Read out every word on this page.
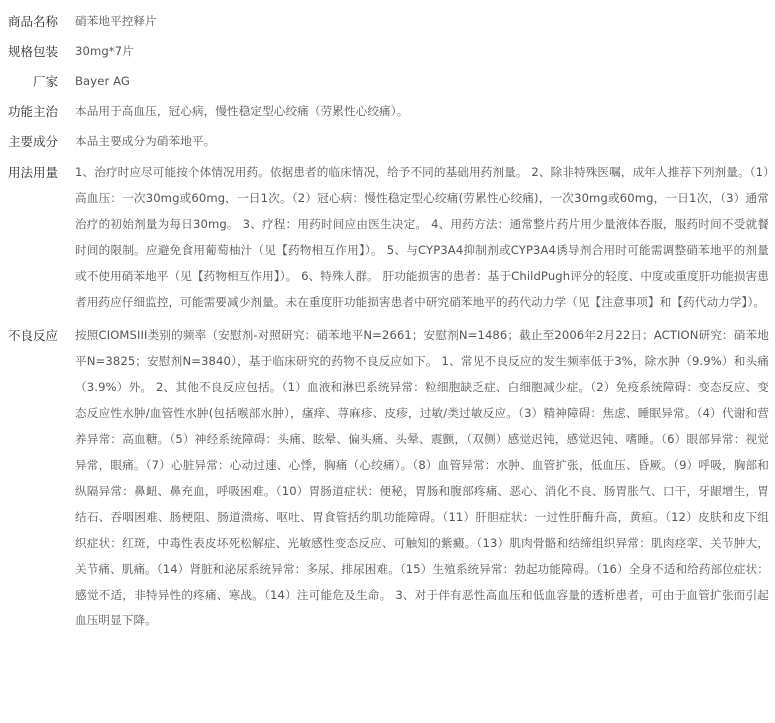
商品名称 硝苯地平控释片
规格包装 30mg*7片
厂家 Bayer AG
功能主治 本品用于高血压，冠心病，慢性稳定型心绞痛（劳累性心绞痛）。
主要成分 本品主要成分为硝苯地平。
用法用量 1、治疗时应尽可能按个体情况用药。依据患者的临床情况，给予不同的基础用药剂量。 2、除非特殊医嘱，成年人推荐下列剂量。（1）高血压：一次30mg或60mg，一日1次。（2）冠心病：慢性稳定型心绞痛(劳累性心绞痛)，一次30mg或60mg，一日1次，（3）通常治疗的初始剂量为每日30mg。 3、疗程：用药时间应由医生决定。 4、用药方法：通常整片药片用少量液体吞服，服药时间不受就餐时间的限制。应避免食用葡萄柚汁（见【药物相互作用】）。 5、与CYP3A4抑制剂或CYP3A4诱导剂合用时可能需调整硝苯地平的剂量或不使用硝苯地平（见【药物相互作用】）。 6、特殊人群。 肝功能损害的患者：基于ChildPugh评分的轻度、中度或重度肝功能损害患者用药应仔细监控，可能需要减少剂量。未在重度肝功能损害患者中研究硝苯地平的药代动力学（见【注意事项】和【药代动力学】）。
不良反应 按照CIOMSIII类别的频率（安慰剂-对照研究：硝苯地平N=2661；安慰剂N=1486；截止至2006年2月22日；ACTION研究：硝苯地平N=3825；安慰剂N=3840），基于临床研究的药物不良反应如下。 1、常见不良反应的发生频率低于3%，除水肿（9.9%）和头痛（3.9%）外。 2、其他不良反应包括。（1）血液和淋巴系统异常：粒细胞缺乏症、白细胞减少症。（2）免疫系统障碍：变态反应、变态反应性水肿/血管性水肿(包括喉部水肿），瘙痒、荨麻疹、皮疹，过敏/类过敏反应。（3）精神障碍：焦虑、睡眠异常。（4）代谢和营养异常：高血糖。（5）神经系统障碍：头痛、眩晕、偏头痛、头晕、震颤，（双侧）感觉迟钝，感觉迟钝、嗜睡。（6）眼部异常：视觉异常，眼痛。（7）心脏异常：心动过速、心悸，胸痛（心绞痛）。（8）血管异常：水肿、血管扩张，低血压、昏厥。（9）呼吸，胸部和纵隔异常：鼻衄、鼻充血，呼吸困难。（10）胃肠道症状：便秘，胃肠和腹部疼痛、恶心、消化不良、肠胃胀气、口干，牙龈增生，胃结石、吞咽困难、肠梗阻、肠道溃疡、呕吐、胃食管括约肌功能障碍。（11）肝胆症状：一过性肝酶升高，黄疸。（12）皮肤和皮下组织症状：红斑，中毒性表皮坏死松解症、光敏感性变态反应、可触知的紫癜。（13）肌肉骨骼和结缔组织异常：肌肉痉挛、关节肿大，关节痛、肌痛。（14）肾脏和泌尿系统异常：多尿、排尿困难。（15）生殖系统异常：勃起功能障碍。（16）全身不适和给药部位症状：感觉不适，非特异性的疼痛、寒战。（14）注可能危及生命。 3、对于伴有恶性高血压和低血容量的透析患者，可由于血管扩张而引起血压明显下降。
